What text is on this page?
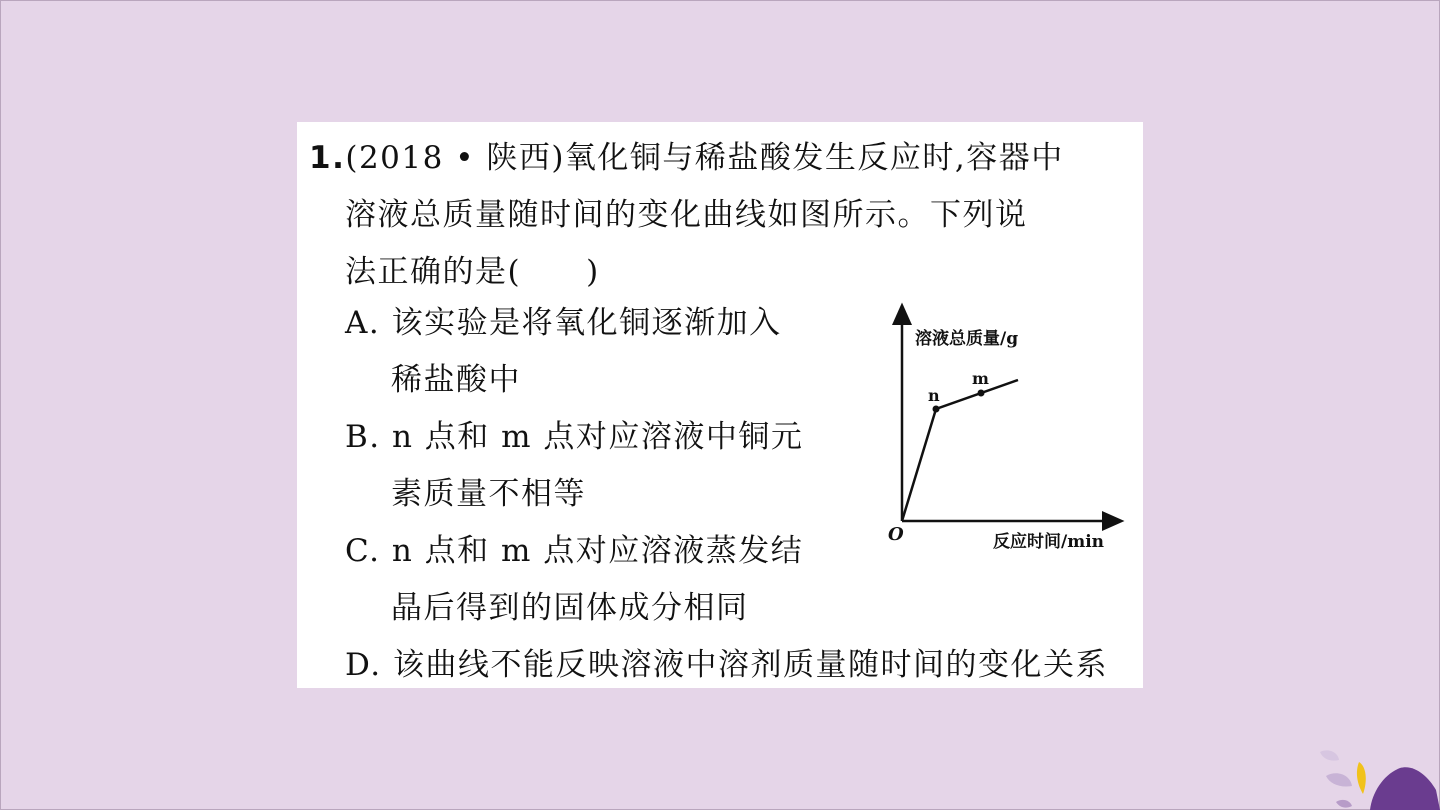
1.(2018 • 陕西)氧化铜与稀盐酸发生反应时,容器中
溶液总质量随时间的变化曲线如图所示。下列说
法正确的是(　　)
A. 该实验是将氧化铜逐渐加入
稀盐酸中
B. n 点和 m 点对应溶液中铜元
素质量不相等
C. n 点和 m 点对应溶液蒸发结
晶后得到的固体成分相同
D. 该曲线不能反映溶液中溶剂质量随时间的变化关系
溶液总质量/g
反应时间/min
O
n
m
